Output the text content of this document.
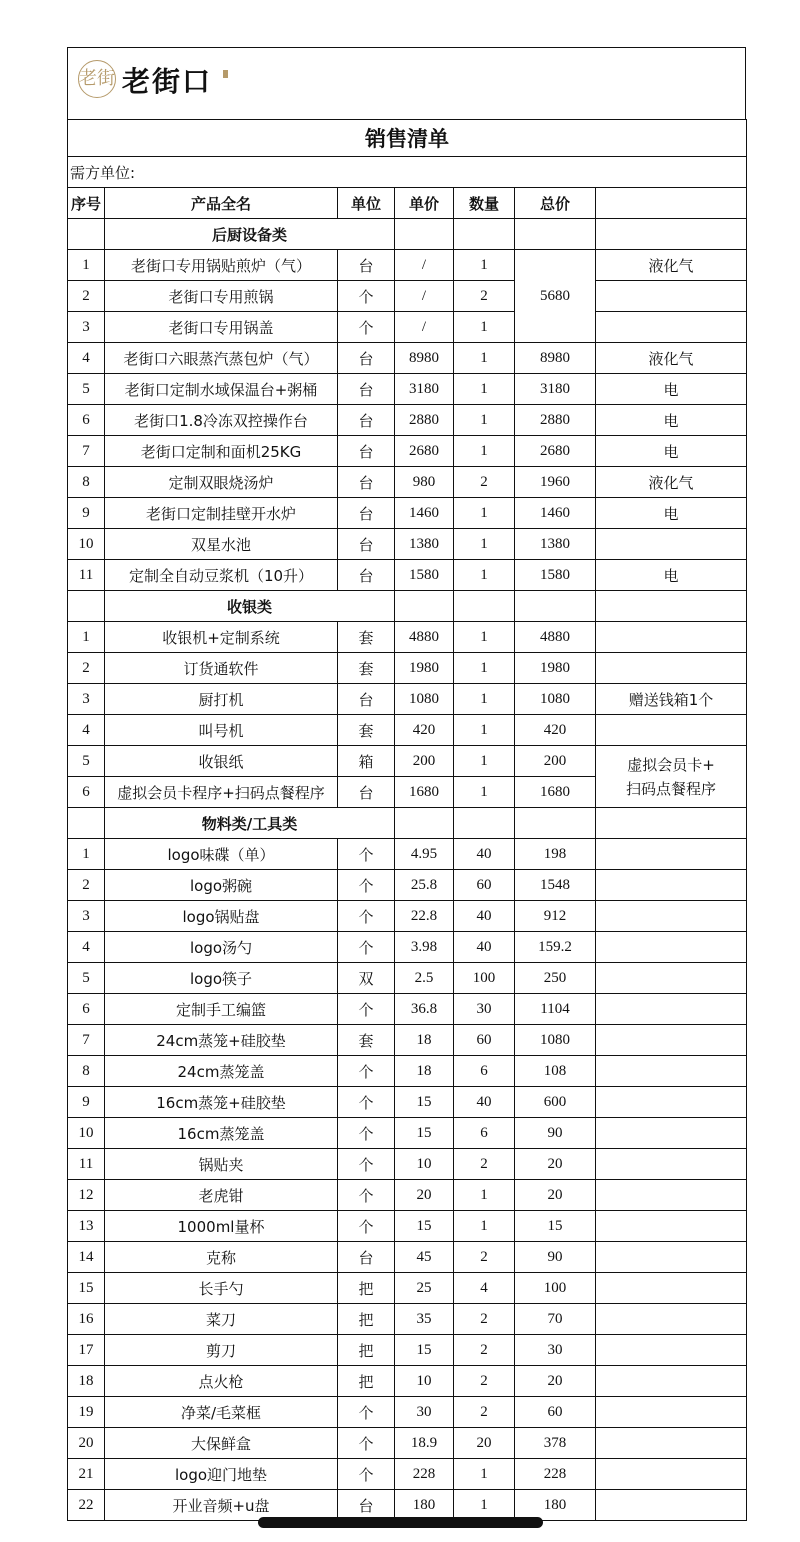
老街 老街口
销售清单						
需方单位:						
序号	产品全名	单位	单价	数量	总价	
	后厨设备类					
1	老街口专用锅贴煎炉（气）	台	/	1	5680	液化气
2	老街口专用煎锅	个	/	2		
3	老街口专用锅盖	个	/	1		
4	老街口六眼蒸汽蒸包炉（气）	台	8980	1	8980	液化气
5	老街口定制水域保温台+粥桶	台	3180	1	3180	电
6	老街口1.8冷冻双控操作台	台	2880	1	2880	电
7	老街口定制和面机25KG	台	2680	1	2680	电
8	定制双眼烧汤炉	台	980	2	1960	液化气
9	老街口定制挂壁开水炉	台	1460	1	1460	电
10	双星水池	台	1380	1	1380	
11	定制全自动豆浆机（10升）	台	1580	1	1580	电
	收银类					
1	收银机+定制系统	套	4880	1	4880	
2	订货通软件	套	1980	1	1980	
3	厨打机	台	1080	1	1080	赠送钱箱1个
4	叫号机	套	420	1	420	
5	收银纸	箱	200	1	200	虚拟会员卡+
扫码点餐程序
6	虚拟会员卡程序+扫码点餐程序	台	1680	1	1680	
	物料类/工具类					
1	logo味碟（单）	个	4.95	40	198	
2	logo粥碗	个	25.8	60	1548	
3	logo锅贴盘	个	22.8	40	912	
4	logo汤勺	个	3.98	40	159.2	
5	logo筷子	双	2.5	100	250	
6	定制手工编篮	个	36.8	30	1104	
7	24cm蒸笼+硅胶垫	套	18	60	1080	
8	24cm蒸笼盖	个	18	6	108	
9	16cm蒸笼+硅胶垫	个	15	40	600	
10	16cm蒸笼盖	个	15	6	90	
11	锅贴夹	个	10	2	20	
12	老虎钳	个	20	1	20	
13	1000ml量杯	个	15	1	15	
14	克称	台	45	2	90	
15	长手勺	把	25	4	100	
16	菜刀	把	35	2	70	
17	剪刀	把	15	2	30	
18	点火枪	把	10	2	20	
19	净菜/毛菜框	个	30	2	60	
20	大保鲜盒	个	18.9	20	378	
21	logo迎门地垫	个	228	1	228	
22	开业音频+u盘	台	180	1	180	
